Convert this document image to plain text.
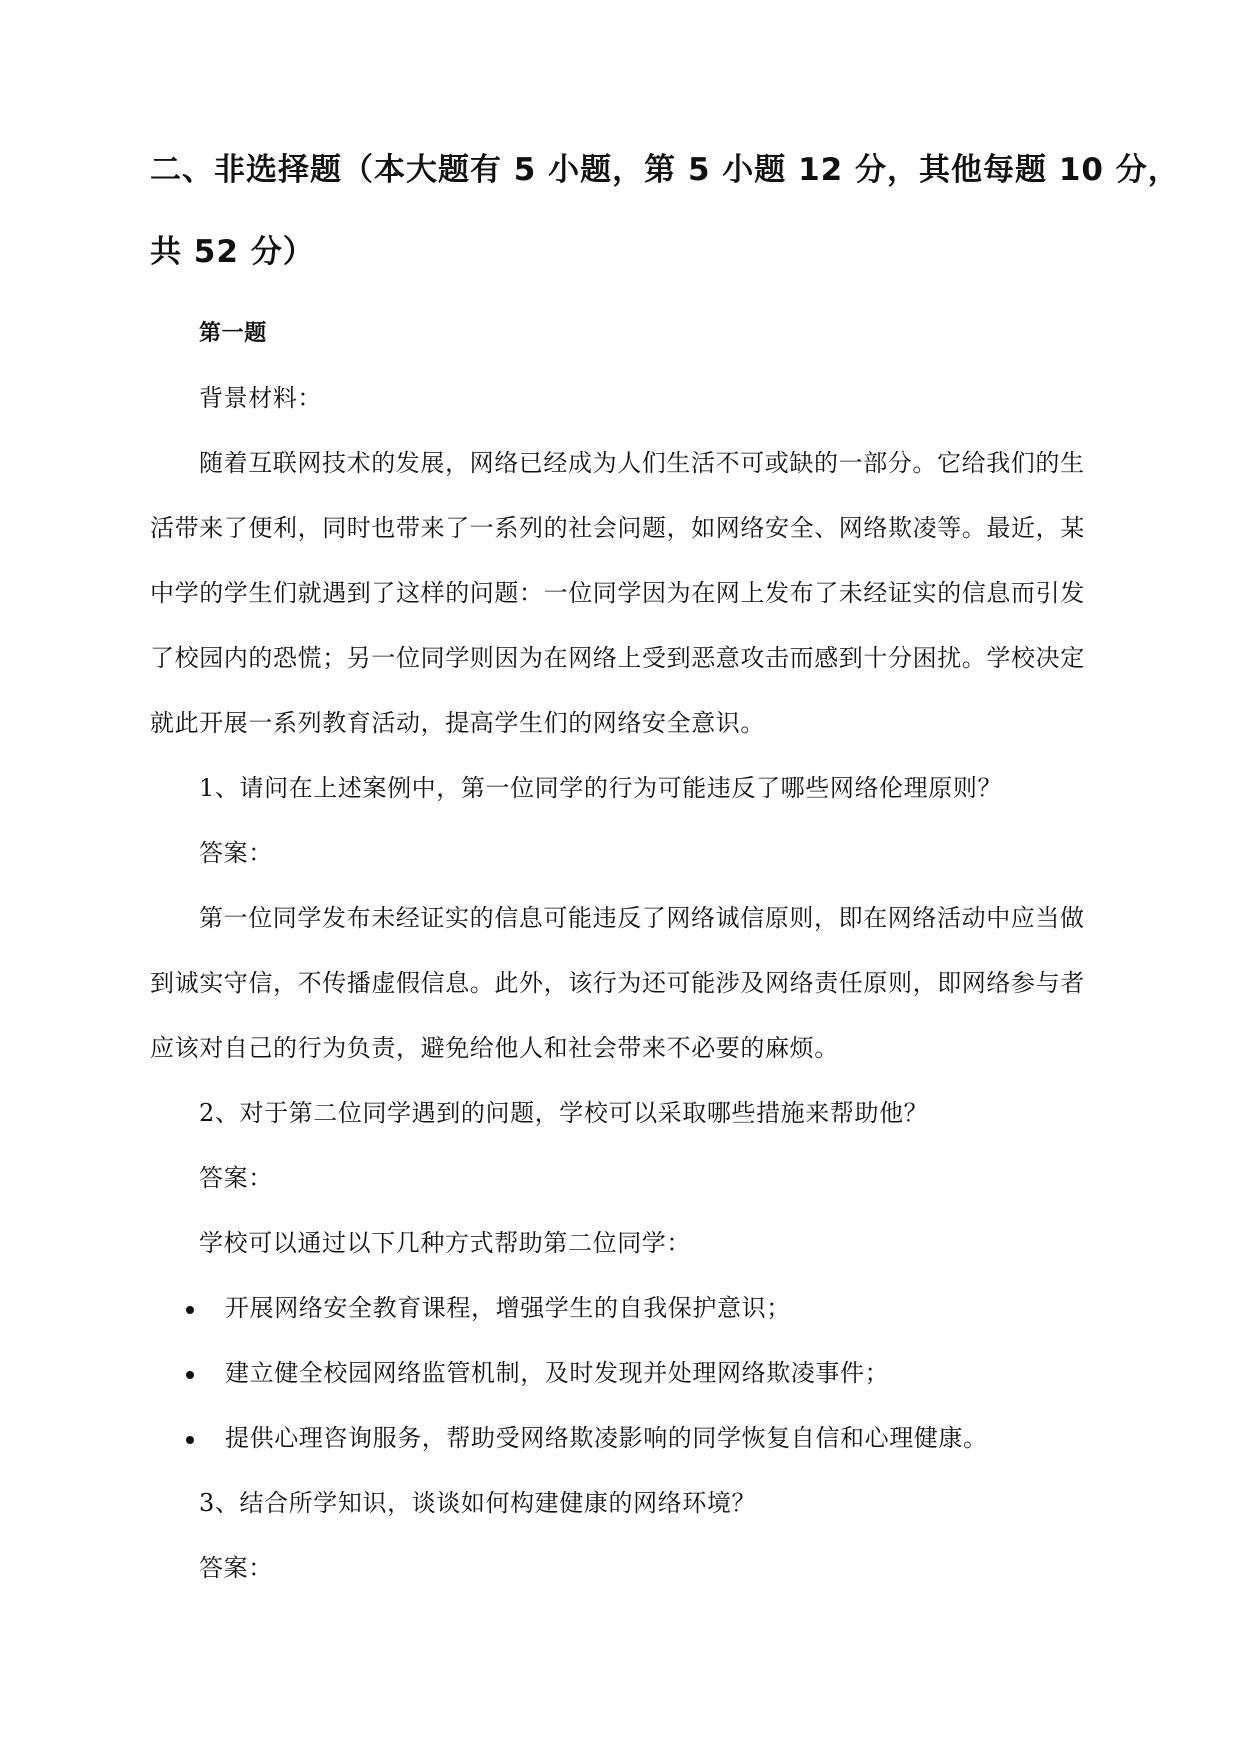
二、非选择题（本大题有 5 小题，第 5 小题 12 分，其他每题 10 分，
共 52 分）
第一题
背景材料：
随着互联网技术的发展，网络已经成为人们生活不可或缺的一部分。它给我们的生
活带来了便利，同时也带来了一系列的社会问题，如网络安全、网络欺凌等。最近，某
中学的学生们就遇到了这样的问题：一位同学因为在网上发布了未经证实的信息而引发
了校园内的恐慌；另一位同学则因为在网络上受到恶意攻击而感到十分困扰。学校决定
就此开展一系列教育活动，提高学生们的网络安全意识。
1、请问在上述案例中，第一位同学的行为可能违反了哪些网络伦理原则？
答案：
第一位同学发布未经证实的信息可能违反了网络诚信原则，即在网络活动中应当做
到诚实守信，不传播虚假信息。此外，该行为还可能涉及网络责任原则，即网络参与者
应该对自己的行为负责，避免给他人和社会带来不必要的麻烦。
2、对于第二位同学遇到的问题，学校可以采取哪些措施来帮助他？
答案：
学校可以通过以下几种方式帮助第二位同学：
开展网络安全教育课程，增强学生的自我保护意识；
建立健全校园网络监管机制，及时发现并处理网络欺凌事件；
提供心理咨询服务，帮助受网络欺凌影响的同学恢复自信和心理健康。
3、结合所学知识，谈谈如何构建健康的网络环境？
答案：
